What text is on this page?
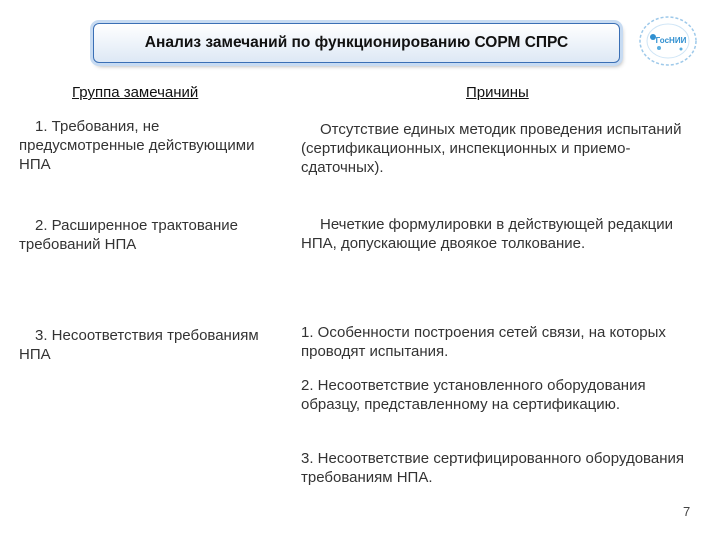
Анализ замечаний по функционированию СОРМ СПРС	ГосНИИ
Группа замечаний	Причины
1. Требования, не предусмотренные действующими НПА
2. Расширенное трактование требований НПА
3. Несоответствия требованиям НПА
Отсутствие единых методик проведения испытаний (сертификационных, инспекционных и приемо-сдаточных).
Нечеткие формулировки в действующей редакции НПА, допускающие двоякое толкование.
1. Особенности построения сетей связи, на которых проводят испытания.
2. Несоответствие установленного оборудования образцу, представленному на сертификацию.
3. Несоответствие сертифицированного оборудования требованиям НПА.
7
